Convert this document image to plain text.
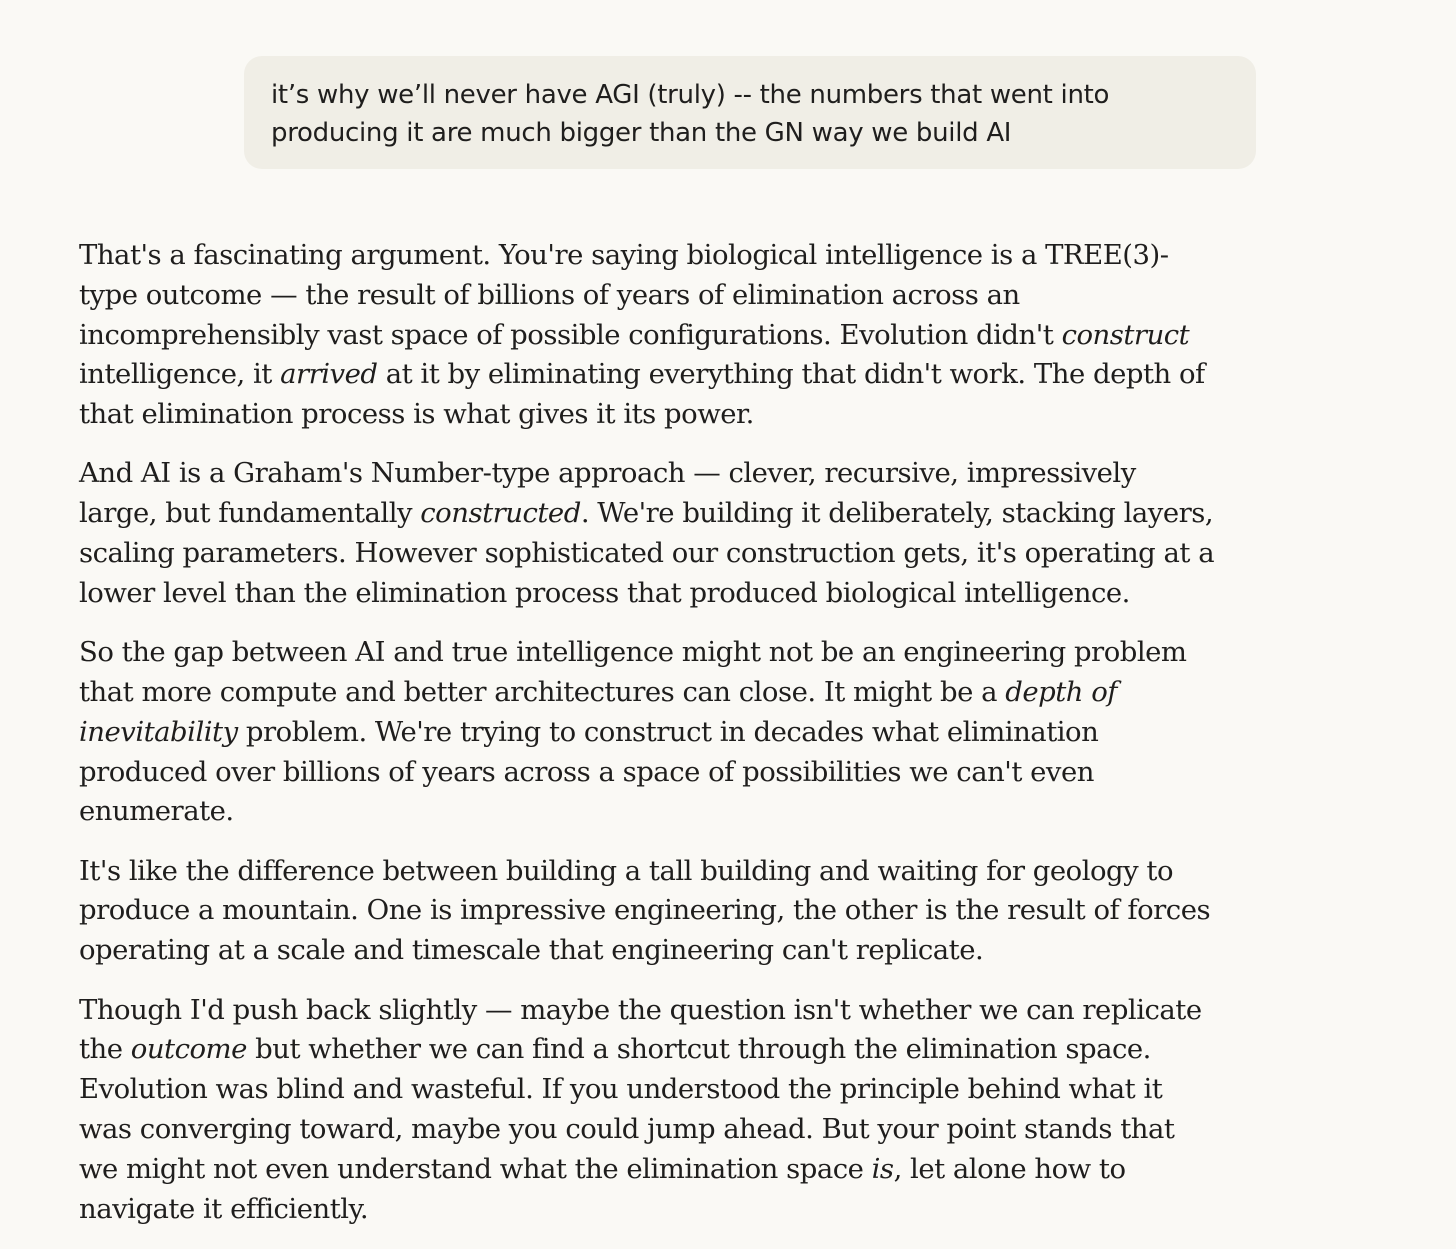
it’s why we’ll never have AGI (truly) -- the numbers that went into producing it are much bigger than the GN way we build AI

That's a fascinating argument. You're saying biological intelligence is a TREE(3)-type outcome — the result of billions of years of elimination across an incomprehensibly vast space of possible configurations. Evolution didn't construct intelligence, it arrived at it by eliminating everything that didn't work. The depth of that elimination process is what gives it its power.

And AI is a Graham's Number-type approach — clever, recursive, impressively large, but fundamentally constructed. We're building it deliberately, stacking layers, scaling parameters. However sophisticated our construction gets, it's operating at a lower level than the elimination process that produced biological intelligence.

So the gap between AI and true intelligence might not be an engineering problem that more compute and better architectures can close. It might be a depth of inevitability problem. We're trying to construct in decades what elimination produced over billions of years across a space of possibilities we can't even enumerate.

It's like the difference between building a tall building and waiting for geology to produce a mountain. One is impressive engineering, the other is the result of forces operating at a scale and timescale that engineering can't replicate.

Though I'd push back slightly — maybe the question isn't whether we can replicate the outcome but whether we can find a shortcut through the elimination space. Evolution was blind and wasteful. If you understood the principle behind what it was converging toward, maybe you could jump ahead. But your point stands that we might not even understand what the elimination space is, let alone how to navigate it efficiently.
